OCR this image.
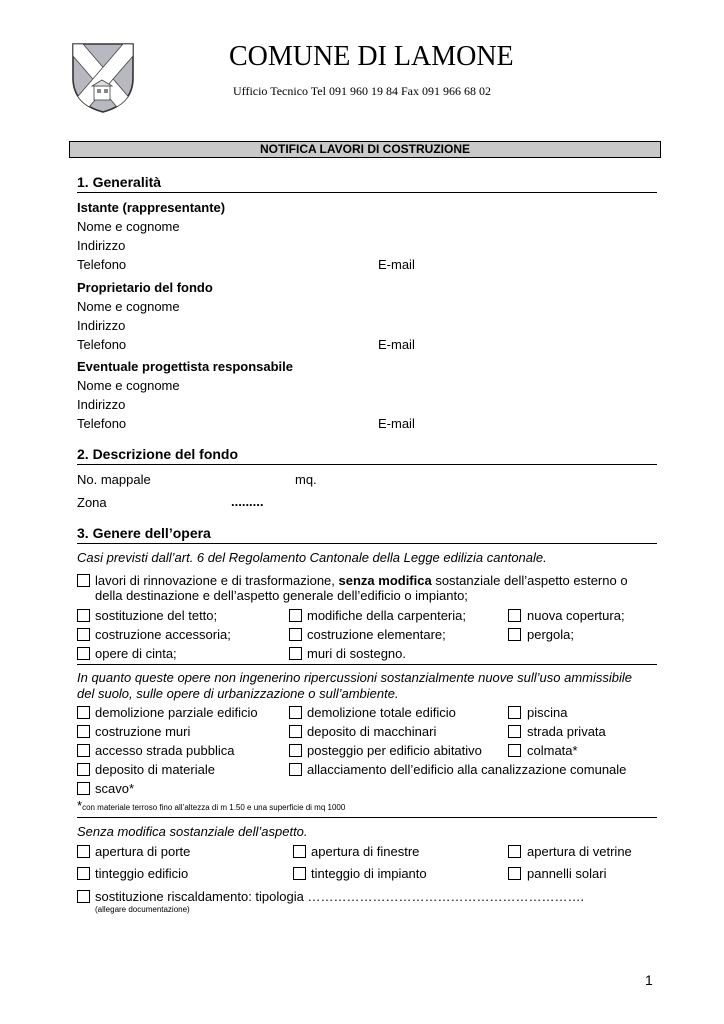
COMUNE DI LAMONE
Ufficio Tecnico Tel 091 960 19 84 Fax 091 966 68 02
NOTIFICA LAVORI DI COSTRUZIONE
1. Generalità
Istante (rappresentante)
Nome e cognome
Indirizzo
Telefono	E-mail
Proprietario del fondo
Nome e cognome
Indirizzo
Telefono	E-mail
Eventuale progettista responsabile
Nome e cognome
Indirizzo
Telefono	E-mail
2. Descrizione del fondo
No. mappale	mq.
Zona	.........
3. Genere dell’opera
Casi previsti dall’art. 6 del Regolamento Cantonale della Legge edilizia cantonale.
lavori di rinnovazione e di trasformazione, senza modifica sostanziale dell’aspetto esterno o
della destinazione e dell’aspetto generale dell’edificio o impianto;
sostituzione del tetto;	modifiche della carpenteria;	nuova copertura;
costruzione accessoria;	costruzione elementare;	pergola;
opere di cinta;	muri di sostegno.
In quanto queste opere non ingenerino ripercussioni sostanzialmente nuove sull’uso ammissibile
del suolo, sulle opere di urbanizzazione o sull’ambiente.
demolizione parziale edificio	demolizione totale edificio	piscina
costruzione muri	deposito di macchinari	strada privata
accesso strada pubblica	posteggio per edificio abitativo	colmata*
deposito di materiale	allacciamento dell’edificio alla canalizzazione comunale
scavo*
*con materiale terroso fino all’altezza di m 1.50 e una superficie di mq 1000
Senza modifica sostanziale dell’aspetto.
apertura di porte	apertura di finestre	apertura di vetrine
tinteggio edificio	tinteggio di impianto	pannelli solari
sostituzione riscaldamento: tipologia ……………………………………………………….
(allegare documentazione)
1
